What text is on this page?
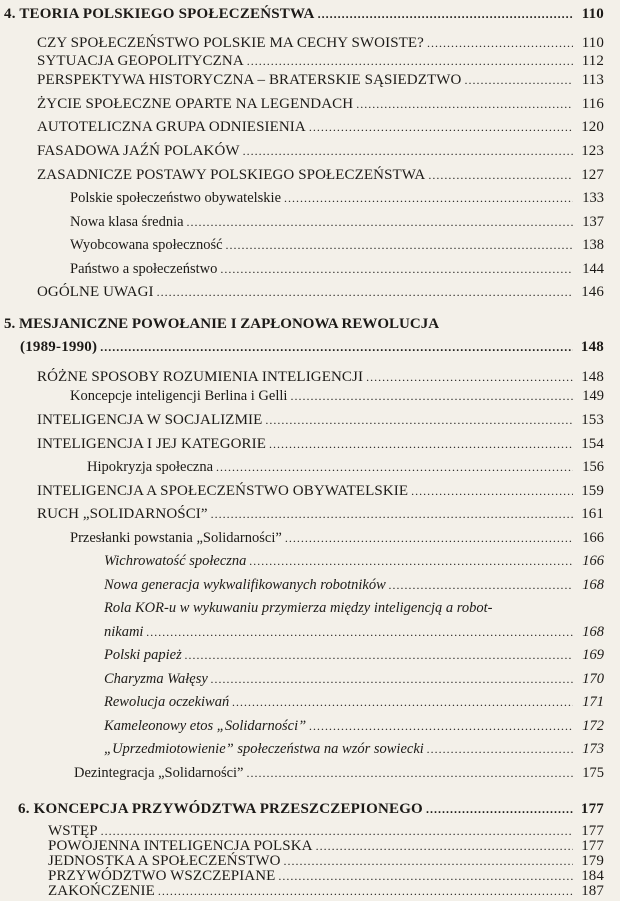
4. TEORIA POLSKIEGO SPOŁECZEŃSTWA .....	110
CZY SPOŁECZEŃSTWO POLSKIE MA CECHY SWOISTE? .....	110
SYTUACJA GEOPOLITYCZNA .....	112
PERSPEKTYWA HISTORYCZNA – BRATERSKIE SĄSIEDZTWO .....	113
ŻYCIE SPOŁECZNE OPARTE NA LEGENDACH .....	116
AUTOTELICZNA GRUPA ODNIESIENIA .....	120
FASADOWA JAŹŃ POLAKÓW .....	123
ZASADNICZE POSTAWY POLSKIEGO SPOŁECZEŃSTWA .....	127
Polskie społeczeństwo obywatelskie .....	133
Nowa klasa średnia .....	137
Wyobcowana społeczność .....	138
Państwo a społeczeństwo .....	144
OGÓLNE UWAGI .....	146
5. MESJANICZNE POWOŁANIE I ZAPŁONOWA REWOLUCJA
(1989-1990) .....	148
RÓŻNE SPOSOBY ROZUMIENIA INTELIGENCJI .....	148
Koncepcje inteligencji Berlina i Gelli .....	149
INTELIGENCJA W SOCJALIZMIE .....	153
INTELIGENCJA I JEJ KATEGORIE .....	154
Hipokryzja społeczna .....	156
INTELIGENCJA A SPOŁECZEŃSTWO OBYWATELSKIE .....	159
RUCH „SOLIDARNOŚCI” .....	161
Przesłanki powstania „Solidarności” .....	166
Wichrowatość społeczna .....	166
Nowa generacja wykwalifikowanych robotników .....	168
Rola KOR-u w wykuwaniu przymierza między inteligencją a robot-
nikami .....	168
Polski papież .....	169
Charyzma Wałęsy .....	170
Rewolucja oczekiwań .....	171
Kameleonowy etos „Solidarności” .....	172
„Uprzedmiotowienie” społeczeństwa na wzór sowiecki .....	173
Dezintegracja „Solidarności” .....	175
6. KONCEPCJA PRZYWÓDZTWA PRZESZCZEPIONEGO .....	177
WSTĘP .....	177
POWOJENNA INTELIGENCJA POLSKA .....	177
JEDNOSTKA A SPOŁECZEŃSTWO .....	179
PRZYWÓDZTWO WSZCZEPIANE .....	184
ZAKOŃCZENIE .....	187
